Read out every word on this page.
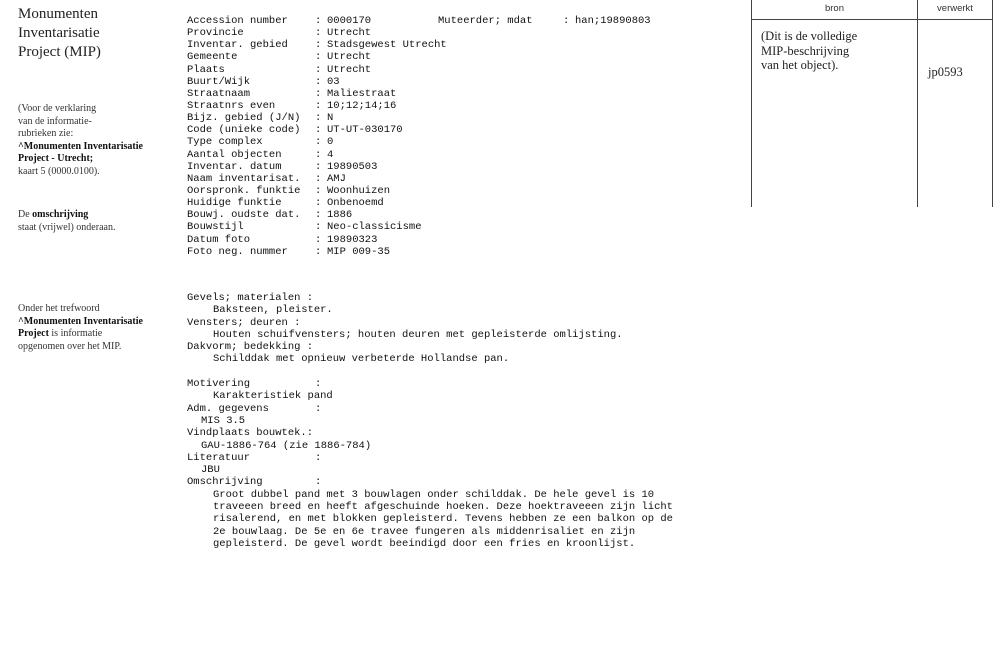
Monumenten
Inventarisatie
Project (MIP)
(Voor de verklaring
van de informatie-
rubrieken zie:
^Monumenten Inventarisatie
Project - Utrecht;
kaart 5 (0000.0100).
De omschrijving
staat (vrijwel) onderaan.
Onder het trefwoord
^Monumenten Inventarisatie
Project is informatie
opgenomen over het MIP.
Accession number	: 0000170
Provincie	: Utrecht
Inventar. gebied	: Stadsgewest Utrecht
Gemeente	: Utrecht
Plaats	: Utrecht
Buurt/Wijk	: 03
Straatnaam	: Maliestraat
Straatnrs even	: 10;12;14;16
Bijz. gebied (J/N) : N
Code (unieke code) : UT-UT-030170
Type complex	: 0
Aantal objecten	: 4
Inventar. datum	: 19890503
Naam inventarisat. : AMJ
Oorspronk. funktie : Woonhuizen
Huidige funktie	: Onbenoemd
Bouwj. oudste dat. : 1886
Bouwstijl	: Neo-classicisme
Datum foto	: 19890323
Foto neg. nummer	: MIP 009-35
Muteerder; mdat	: han;19890803
Gevels; materialen :
Baksteen, pleister.
Vensters; deuren :
Houten schuifvensters; houten deuren met gepleisterde omlijsting.
Dakvorm; bedekking :
Schilddak met opnieuw verbeterde Hollandse pan.
Motivering	:
Karakteristiek pand
Adm. gegevens	:
MIS 3.5
Vindplaats bouwtek.:
GAU-1886-764 (zie 1886-784)
Literatuur	:
JBU
Omschrijving	:
Groot dubbel pand met 3 bouwlagen onder schilddak. De hele gevel is 10
traveeen breed en heeft afgeschuinde hoeken. Deze hoektraveeen zijn licht
risalerend, en met blokken gepleisterd. Tevens hebben ze een balkon op de
2e bouwlaag. De 5e en 6e travee fungeren als middenrisaliet en zijn
gepleisterd. De gevel wordt beeindigd door een fries en kroonlijst.
bron	verwerkt
(Dit is de volledige
MIP-beschrijving
van het object).	jp0593
